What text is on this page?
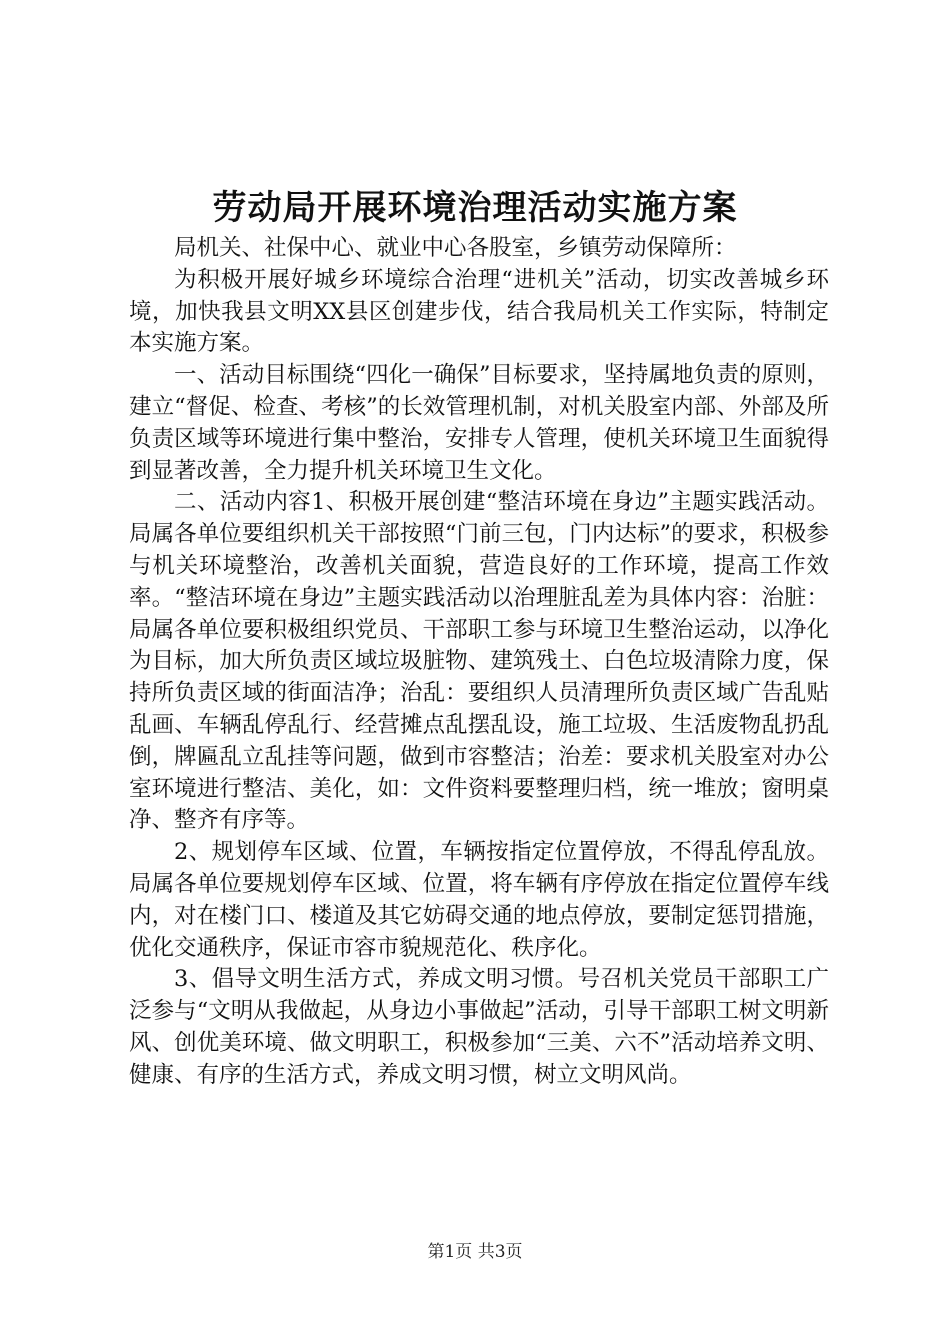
劳动局开展环境治理活动实施方案

局机关、社保中心、就业中心各股室，乡镇劳动保障所：

为积极开展好城乡环境综合治理“进机关”活动，切实改善城乡环境，加快我县文明XX县区创建步伐，结合我局机关工作实际，特制定本实施方案。

一、活动目标围绕“四化一确保”目标要求，坚持属地负责的原则，建立“督促、检查、考核”的长效管理机制，对机关股室内部、外部及所负责区域等环境进行集中整治，安排专人管理，使机关环境卫生面貌得到显著改善，全力提升机关环境卫生文化。

二、活动内容1、积极开展创建“整洁环境在身边”主题实践活动。局属各单位要组织机关干部按照“门前三包，门内达标”的要求，积极参与机关环境整治，改善机关面貌，营造良好的工作环境，提高工作效率。“整洁环境在身边”主题实践活动以治理脏乱差为具体内容：治脏：局属各单位要积极组织党员、干部职工参与环境卫生整治运动，以净化为目标，加大所负责区域垃圾脏物、建筑残土、白色垃圾清除力度，保持所负责区域的街面洁净；治乱：要组织人员清理所负责区域广告乱贴乱画、车辆乱停乱行、经营摊点乱摆乱设，施工垃圾、生活废物乱扔乱倒，牌匾乱立乱挂等问题，做到市容整洁；治差：要求机关股室对办公室环境进行整洁、美化，如：文件资料要整理归档，统一堆放；窗明桌净、整齐有序等。

2、规划停车区域、位置，车辆按指定位置停放，不得乱停乱放。局属各单位要规划停车区域、位置，将车辆有序停放在指定位置停车线内，对在楼门口、楼道及其它妨碍交通的地点停放，要制定惩罚措施，优化交通秩序，保证市容市貌规范化、秩序化。

3、倡导文明生活方式，养成文明习惯。号召机关党员干部职工广泛参与“文明从我做起，从身边小事做起”活动，引导干部职工树文明新风、创优美环境、做文明职工，积极参加“三美、六不”活动培养文明、健康、有序的生活方式，养成文明习惯，树立文明风尚。

第1页 共3页
